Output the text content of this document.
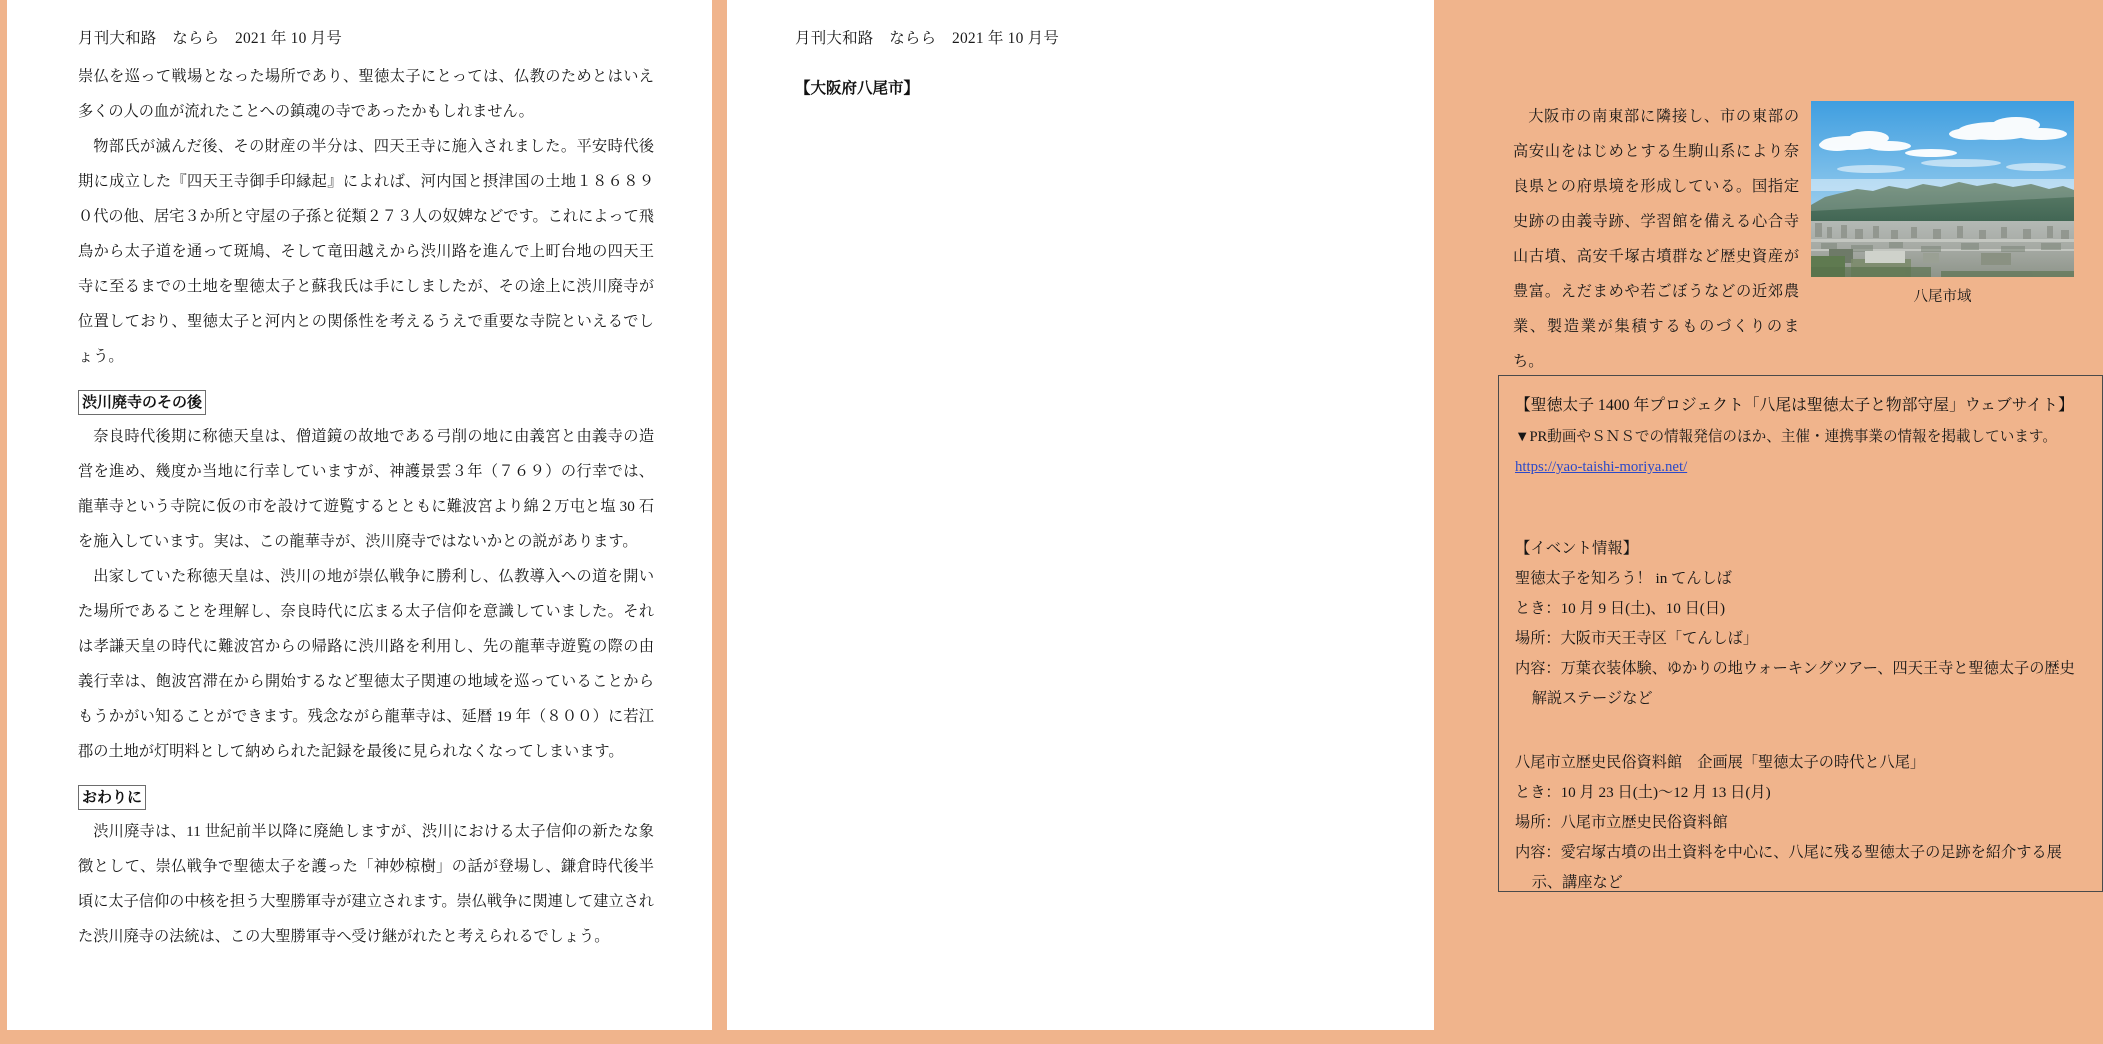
月刊大和路　ならら　2021 年 10 月号

崇仏を巡って戦場となった場所であり、聖徳太子にとっては、仏教のためとはいえ多くの人の血が流れたことへの鎮魂の寺であったかもしれません。

物部氏が滅んだ後、その財産の半分は、四天王寺に施入されました。平安時代後期に成立した『四天王寺御手印縁起』によれば、河内国と摂津国の土地１８６８９０代の他、居宅３か所と守屋の子孫と従類２７３人の奴婢などです。これによって飛鳥から太子道を通って斑鳩、そして竜田越えから渋川路を進んで上町台地の四天王寺に至るまでの土地を聖徳太子と蘇我氏は手にしましたが、その途上に渋川廃寺が位置しており、聖徳太子と河内との関係性を考えるうえで重要な寺院といえるでしょう。

渋川廃寺のその後

奈良時代後期に称徳天皇は、僧道鏡の故地である弓削の地に由義宮と由義寺の造営を進め、幾度か当地に行幸していますが、神護景雲３年（７６９）の行幸では、龍華寺という寺院に仮の市を設けて遊覧するとともに難波宮より綿２万屯と塩 30 石を施入しています。実は、この龍華寺が、渋川廃寺ではないかとの説があります。

出家していた称徳天皇は、渋川の地が崇仏戦争に勝利し、仏教導入への道を開いた場所であることを理解し、奈良時代に広まる太子信仰を意識していました。それは孝謙天皇の時代に難波宮からの帰路に渋川路を利用し、先の龍華寺遊覧の際の由義行幸は、飽波宮滞在から開始するなど聖徳太子関連の地域を巡っていることからもうかがい知ることができます。残念ながら龍華寺は、延暦 19 年（８００）に若江郡の土地が灯明料として納められた記録を最後に見られなくなってしまいます。

おわりに

渋川廃寺は、11 世紀前半以降に廃絶しますが、渋川における太子信仰の新たな象徴として、崇仏戦争で聖徳太子を護った「神妙椋樹」の話が登場し、鎌倉時代後半頃に太子信仰の中核を担う大聖勝軍寺が建立されます。崇仏戦争に関連して建立された渋川廃寺の法統は、この大聖勝軍寺へ受け継がれたと考えられるでしょう。

月刊大和路　ならら　2021 年 10 月号
【大阪府八尾市】
大阪市の南東部に隣接し、市の東部の高安山をはじめとする生駒山系により奈良県との府県境を形成している。国指定史跡の由義寺跡、学習館を備える心合寺山古墳、高安千塚古墳群など歴史資産が豊富。えだまめや若ごぼうなどの近郊農業、製造業が集積するものづくりのまち。
八尾市域

【聖徳太子 1400 年プロジェクト「八尾は聖徳太子と物部守屋」ウェブサイト】

▼PR動画やＳＮＳでの情報発信のほか、主催・連携事業の情報を掲載しています。

https://yao-taishi-moriya.net/

【イベント情報】

聖徳太子を知ろう！ in てんしば

とき：10 月 9 日(土)、10 日(日)

場所：大阪市天王寺区「てんしば」

内容：万葉衣装体験、ゆかりの地ウォーキングツアー、四天王寺と聖徳太子の歴史解説ステージなど

八尾市立歴史民俗資料館　企画展「聖徳太子の時代と八尾」

とき：10 月 23 日(土)〜12 月 13 日(月)

場所：八尾市立歴史民俗資料館

内容：愛宕塚古墳の出土資料を中心に、八尾に残る聖徳太子の足跡を紹介する展示、講座など
